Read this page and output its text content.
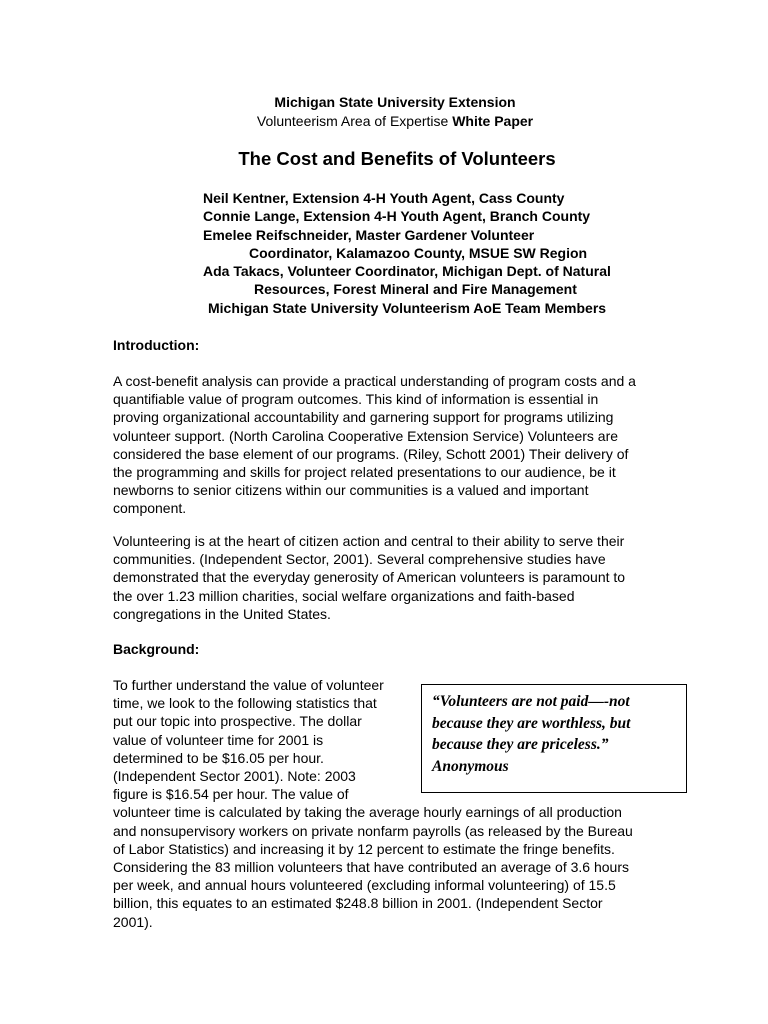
Michigan State University Extension
Volunteerism Area of Expertise White Paper
The Cost and Benefits of Volunteers
Neil Kentner, Extension 4-H Youth Agent, Cass County
Connie Lange, Extension 4-H Youth Agent, Branch County
Emelee Reifschneider, Master Gardener Volunteer
Coordinator, Kalamazoo County, MSUE SW Region
Ada Takacs, Volunteer Coordinator, Michigan Dept. of Natural
Resources, Forest Mineral and Fire Management
Michigan State University Volunteerism AoE Team Members
Introduction:
A cost-benefit analysis can provide a practical understanding of program costs and a
quantifiable value of program outcomes. This kind of information is essential in
proving organizational accountability and garnering support for programs utilizing
volunteer support. (North Carolina Cooperative Extension Service) Volunteers are
considered the base element of our programs. (Riley, Schott 2001) Their delivery of
the programming and skills for project related presentations to our audience, be it
newborns to senior citizens within our communities is a valued and important
component.
Volunteering is at the heart of citizen action and central to their ability to serve their
communities. (Independent Sector, 2001). Several comprehensive studies have
demonstrated that the everyday generosity of American volunteers is paramount to
the over 1.23 million charities, social welfare organizations and faith-based
congregations in the United States.
Background:
To further understand the value of volunteer
time, we look to the following statistics that
put our topic into prospective. The dollar
value of volunteer time for 2001 is
determined to be $16.05 per hour.
(Independent Sector 2001). Note: 2003
figure is $16.54 per hour. The value of
volunteer time is calculated by taking the average hourly earnings of all production
and nonsupervisory workers on private nonfarm payrolls (as released by the Bureau
of Labor Statistics) and increasing it by 12 percent to estimate the fringe benefits.
Considering the 83 million volunteers that have contributed an average of 3.6 hours
per week, and annual hours volunteered (excluding informal volunteering) of 15.5
billion, this equates to an estimated $248.8 billion in 2001. (Independent Sector
2001).
“Volunteers are not paid—-not
because they are worthless, but
because they are priceless.”
Anonymous
